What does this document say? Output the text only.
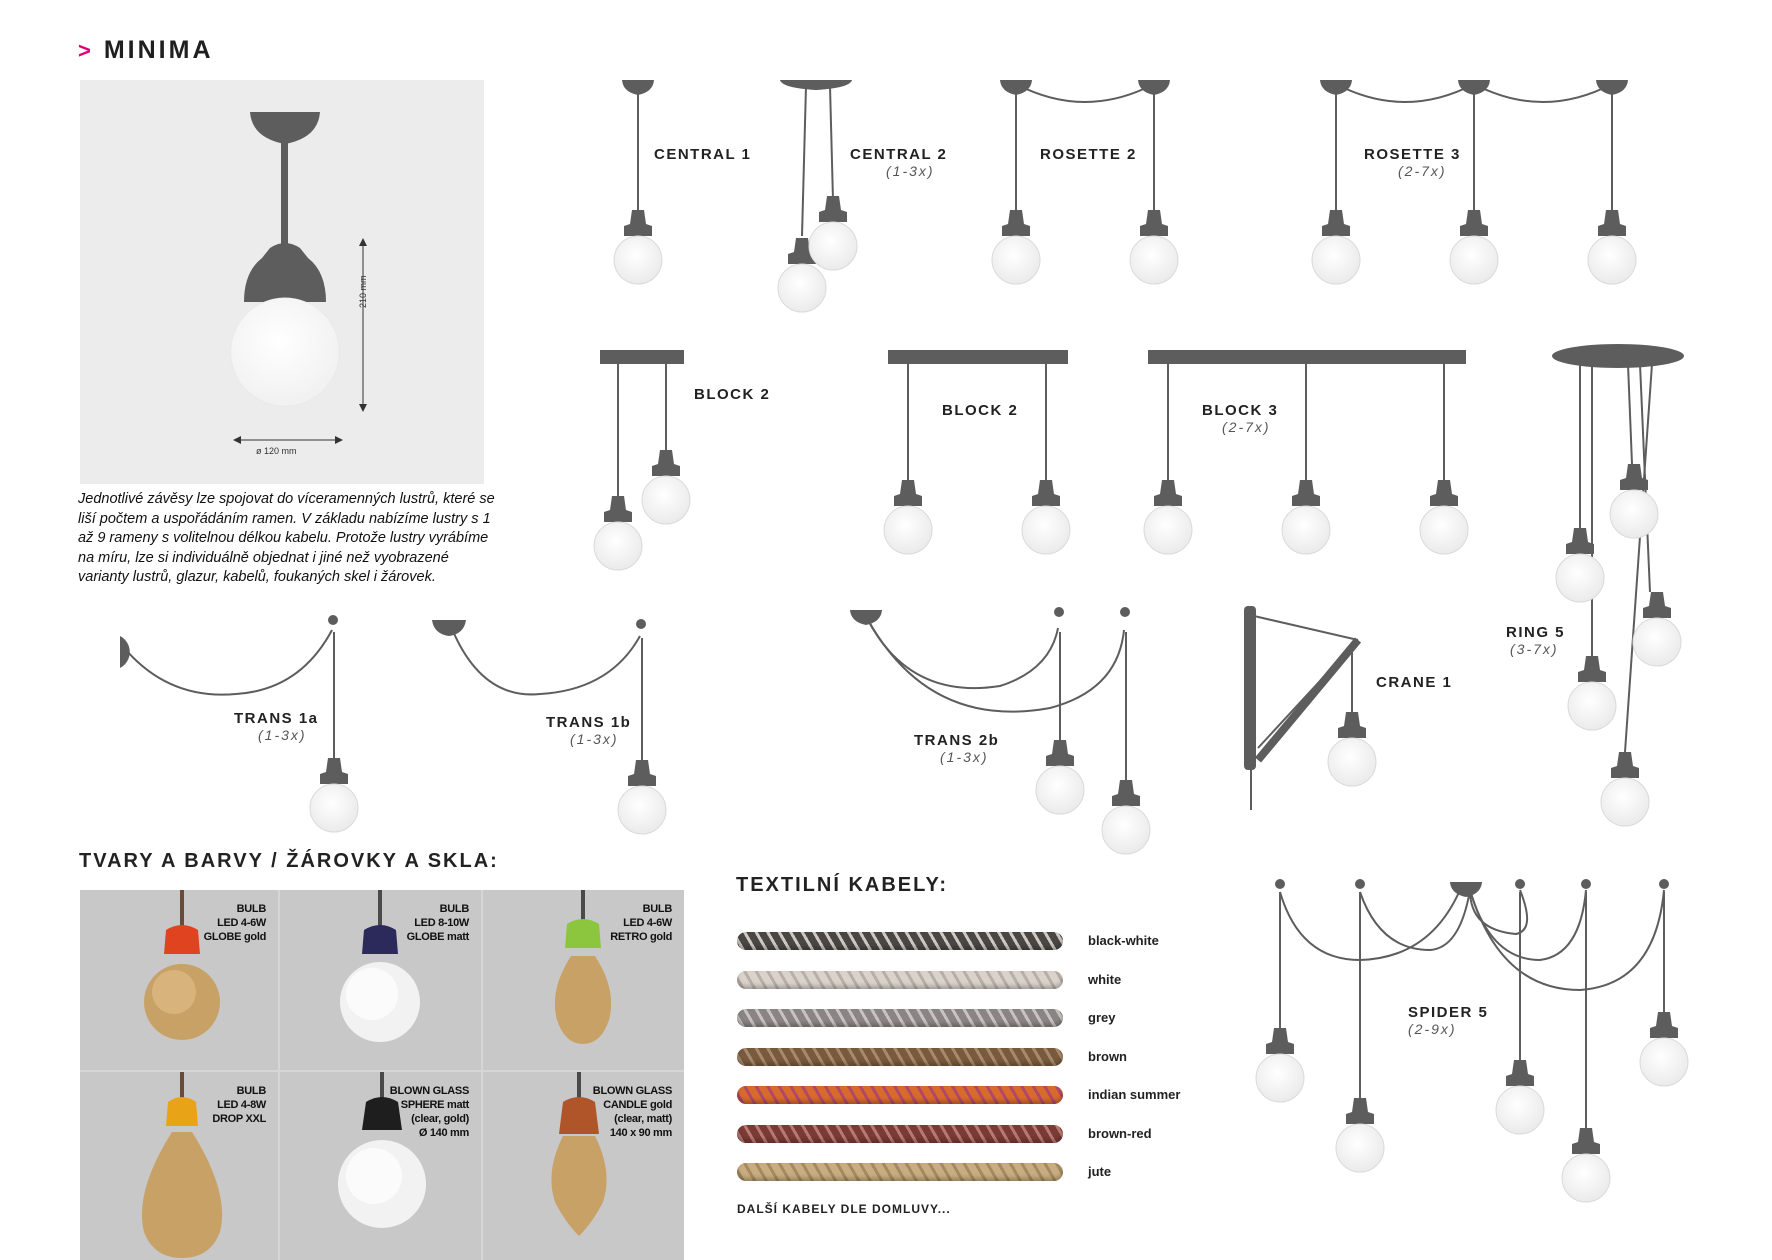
> MINIMA
210 mm
ø 120 mm
Jednotlivé závěsy lze spojovat do víceramenných lustrů, které se liší počtem a uspořádáním ramen. V základu nabízíme lustry s 1 až 9 rameny s volitelnou délkou kabelu. Protože lustry vyrábíme na míru, lze si individuálně objednat i jiné než vyobrazené varianty lustrů, glazur, kabelů, foukaných skel i žárovek.
CENTRAL 1	CENTRAL 2
(1-3x)
ROSETTE 2	ROSETTE 3
(2-7x)
BLOCK 2
BLOCK 2	BLOCK 3
(2-7x)
RING 5
(3-7x)
TRANS 1a
(1-3x)
TRANS 1b
(1-3x)	TRANS 2b
(1-3x)
CRANE 1
SPIDER 5
(2-9x)
TVARY A BARVY / ŽÁROVKY A SKLA:
BULB
LED 4-6W
GLOBE gold
BULB
LED 8-10W
GLOBE matt
BULB
LED 4-6W
RETRO gold
BULB
LED 4-8W
DROP XXL
BLOWN GLASS
SPHERE matt
(clear, gold)
Ø 140 mm
BLOWN GLASS
CANDLE gold
(clear, matt)
140 x 90 mm
TEXTILNÍ KABELY:
black-white
white
grey
brown
indian summer
brown-red
jute
DALŠÍ KABELY DLE DOMLUVY...
